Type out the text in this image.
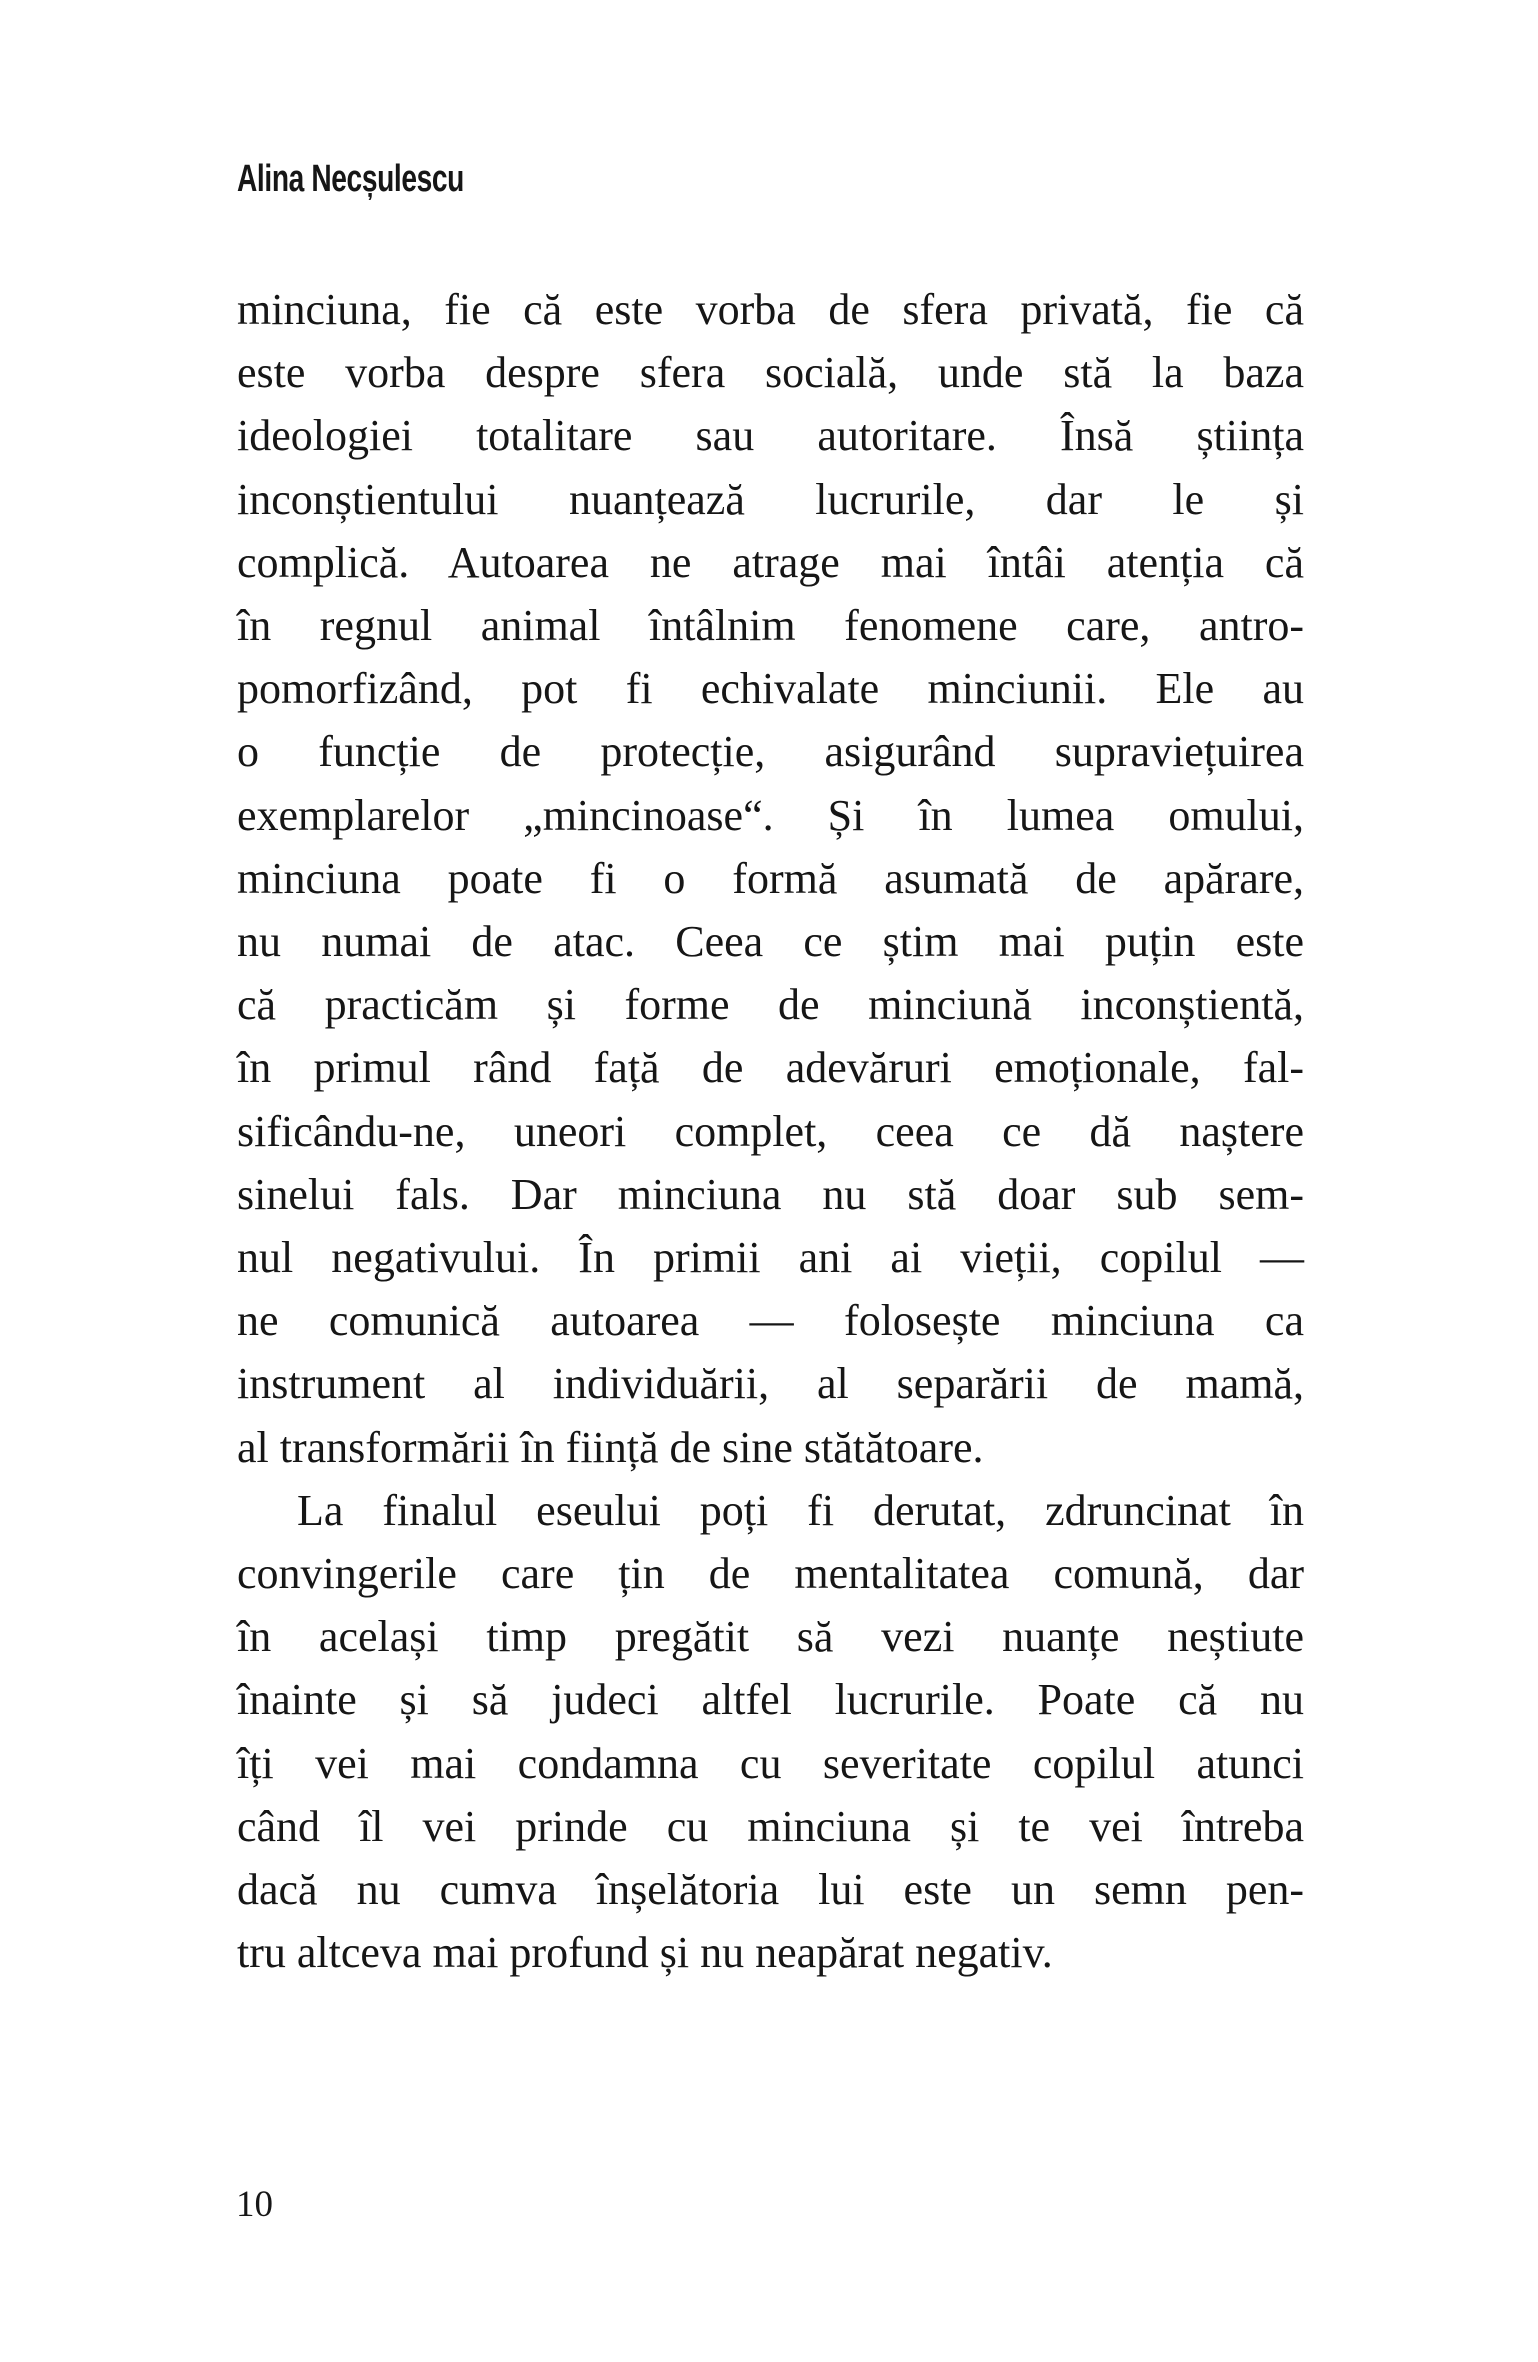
Alina Necșulescu
minciuna, fie că este vorba de sfera privată, fie că
este vorba despre sfera socială, unde stă la baza
ideologiei totalitare sau autoritare. Însă știința
inconștientului nuanțează lucrurile, dar le și
complică. Autoarea ne atrage mai întâi atenția că
în regnul animal întâlnim fenomene care, antro-
pomorfizând, pot fi echivalate minciunii. Ele au
o funcție de protecție, asigurând supraviețuirea
exemplarelor „mincinoase“. Și în lumea omului,
minciuna poate fi o formă asumată de apărare,
nu numai de atac. Ceea ce știm mai puțin este
că practicăm și forme de minciună inconștientă,
în primul rând față de adevăruri emoționale, fal-
sificându-ne, uneori complet, ceea ce dă naștere
sinelui fals. Dar minciuna nu stă doar sub sem-
nul negativului. În primii ani ai vieții, copilul —
ne comunică autoarea — folosește minciuna ca
instrument al individuării, al separării de mamă,
al transformării în ființă de sine stătătoare.
La finalul eseului poți fi derutat, zdruncinat în
convingerile care țin de mentalitatea comună, dar
în același timp pregătit să vezi nuanțe neștiute
înainte și să judeci altfel lucrurile. Poate că nu
îți vei mai condamna cu severitate copilul atunci
când îl vei prinde cu minciuna și te vei întreba
dacă nu cumva înșelătoria lui este un semn pen-
tru altceva mai profund și nu neapărat negativ.
10
